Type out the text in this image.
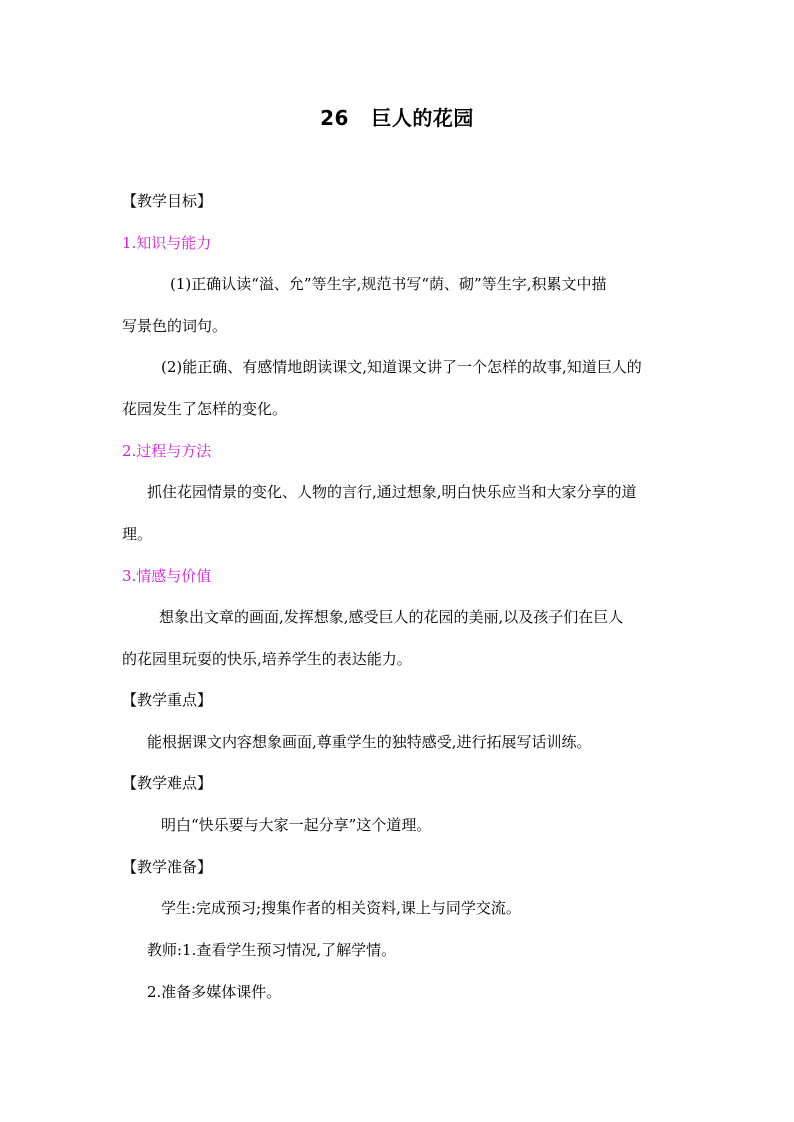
26   巨人的花园
【教学目标】
1.知识与能力
(1)正确认读“溢、允”等生字,规范书写“荫、砌”等生字,积累文中描
写景色的词句。
(2)能正确、有感情地朗读课文,知道课文讲了一个怎样的故事,知道巨人的
花园发生了怎样的变化。
2.过程与方法
抓住花园情景的变化、人物的言行,通过想象,明白快乐应当和大家分享的道
理。
3.情感与价值
想象出文章的画面,发挥想象,感受巨人的花园的美丽,以及孩子们在巨人
的花园里玩耍的快乐,培养学生的表达能力。
【教学重点】
能根据课文内容想象画面,尊重学生的独特感受,进行拓展写话训练。
【教学难点】
明白“快乐要与大家一起分享”这个道理。
【教学准备】
学生:完成预习;搜集作者的相关资料,课上与同学交流。
教师:1.查看学生预习情况,了解学情。
2.准备多媒体课件。
